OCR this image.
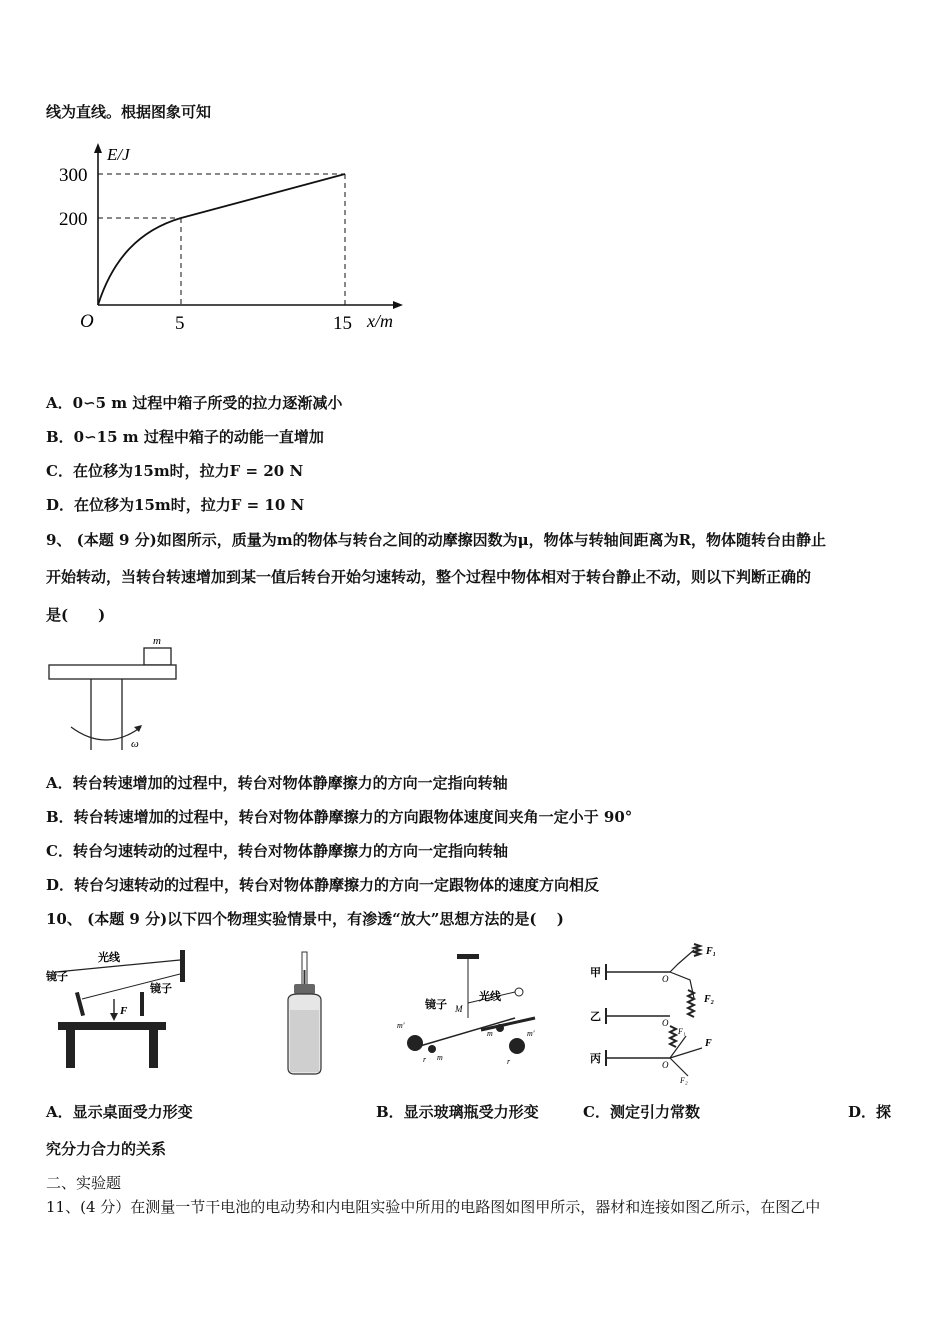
线为直线。根据图象可知
E/J
300
200
O	5	15 x/m
A．0∽5 m 过程中箱子所受的拉力逐渐减小
B．0∽15 m 过程中箱子的动能一直增加
C．在位移为15m时，拉力F = 20 N
D．在位移为15m时，拉力F = 10 N
9、 (本题 9 分)如图所示，质量为m的物体与转台之间的动摩擦因数为μ，物体与转轴间距离为R，物体随转台由静止
开始转动，当转台转速增加到某一值后转台开始匀速转动，整个过程中物体相对于转台静止不动，则以下判断正确的
是(　　)
m
ω
A．转台转速增加的过程中，转台对物体静摩擦力的方向一定指向转轴
B．转台转速增加的过程中，转台对物体静摩擦力的方向跟物体速度间夹角一定小于 90°
C．转台匀速转动的过程中，转台对物体静摩擦力的方向一定指向转轴
D．转台匀速转动的过程中，转台对物体静摩擦力的方向一定跟物体的速度方向相反
10、 (本题 9 分)以下四个物理实验情景中，有渗透“放大”思想方法的是(　 )
光线
镜子
镜子
F	镜子 M
光线
m'
m
m	m'
r	r
甲
乙
丙
O
O
O
F₁
F₂
F
F₁
F₂
A．显示桌面受力形变	B．显示玻璃瓶受力形变	C．测定引力常数	D．探
究分力合力的关系
二、实验题
11、(4 分）在测量一节干电池的电动势和内电阻实验中所用的电路图如图甲所示，器材和连接如图乙所示，在图乙中
